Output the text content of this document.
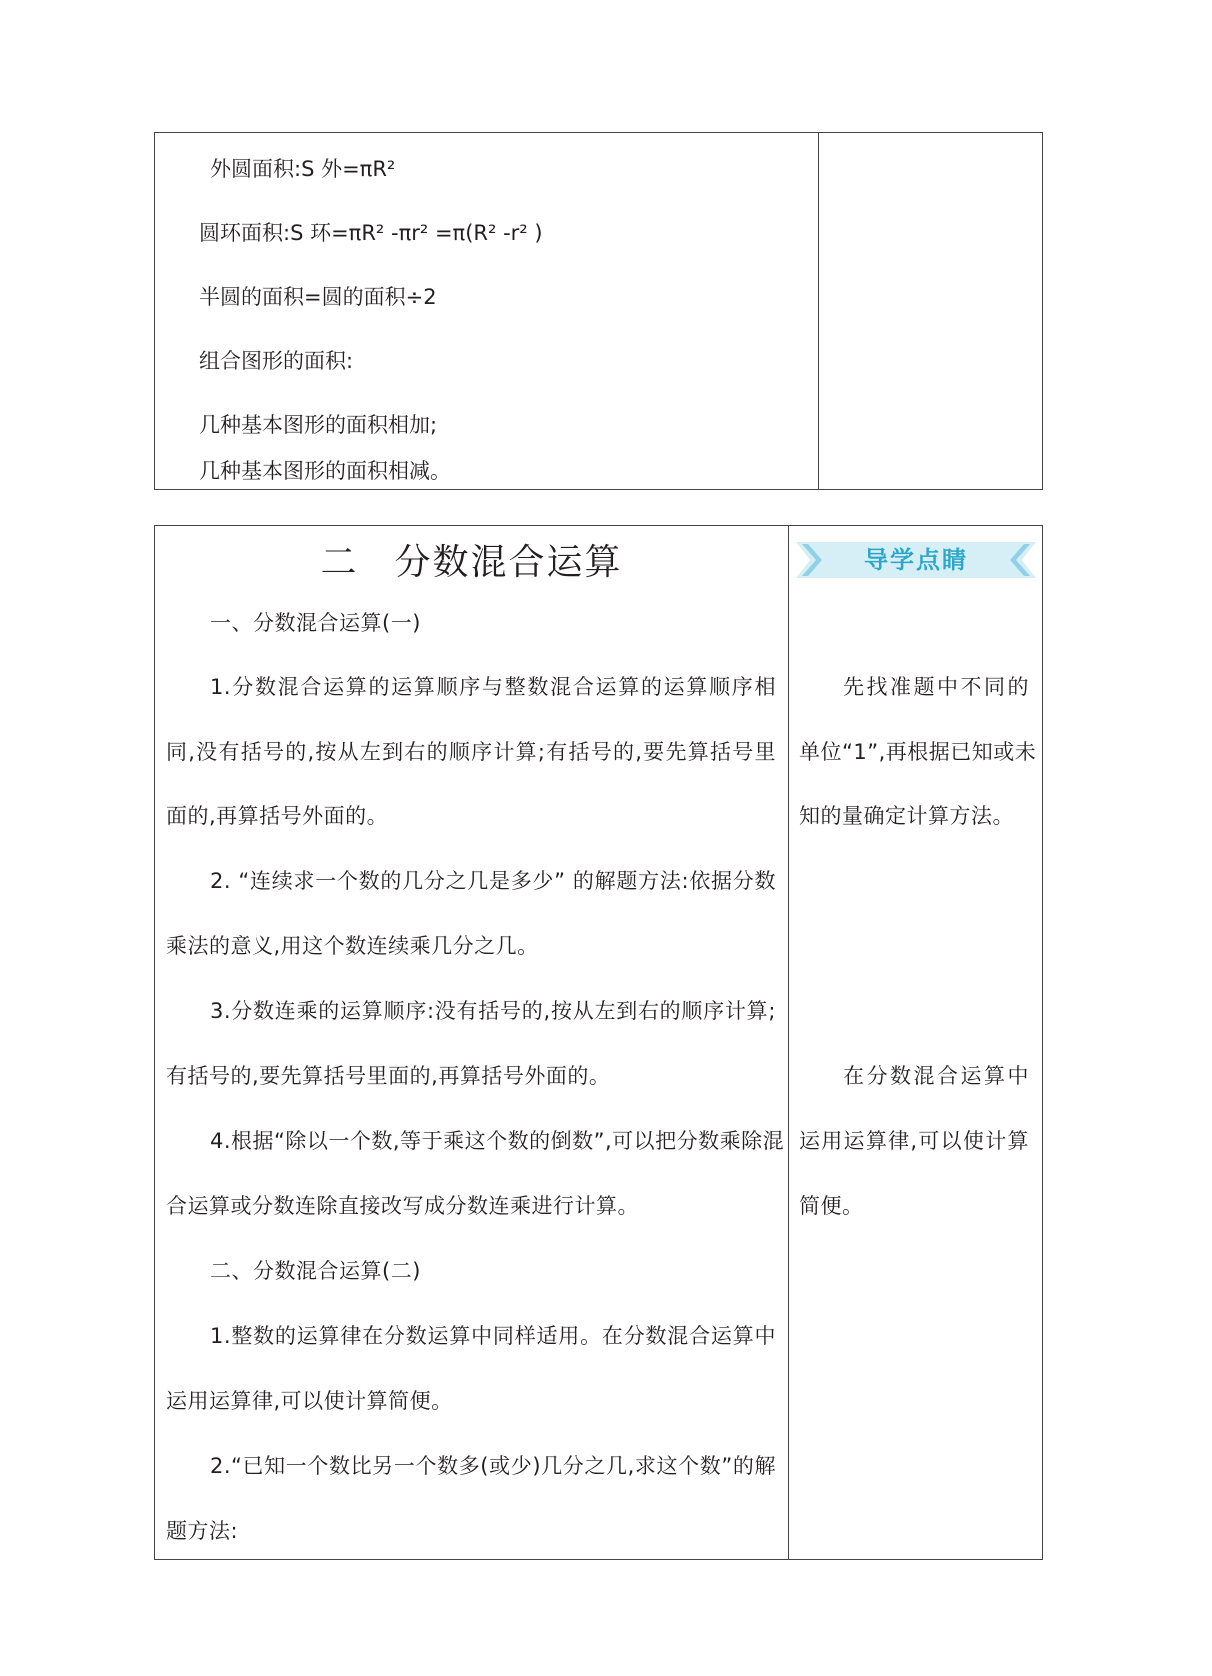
外圆面积:S 外=πR²
圆环面积:S 环=πR² -πr² =π(R² -r² )
半圆的面积=圆的面积÷2
组合图形的面积:
几种基本图形的面积相加;
几种基本图形的面积相减。
二 分数混合运算
一、分数混合运算(一)
1.分数混合运算的运算顺序与整数混合运算的运算顺序相
同,没有括号的,按从左到右的顺序计算;有括号的,要先算括号里
面的,再算括号外面的。
2. “连续求一个数的几分之几是多少” 的解题方法:依据分数
乘法的意义,用这个数连续乘几分之几。
3.分数连乘的运算顺序:没有括号的,按从左到右的顺序计算;
有括号的,要先算括号里面的,再算括号外面的。
4.根据“除以一个数,等于乘这个数的倒数”,可以把分数乘除混
合运算或分数连除直接改写成分数连乘进行计算。
二、分数混合运算(二)
1.整数的运算律在分数运算中同样适用。在分数混合运算中
运用运算律,可以使计算简便。
2.“已知一个数比另一个数多(或少)几分之几,求这个数”的解
题方法:
导学点睛
先找准题中不同的
单位“1”,再根据已知或未
知的量确定计算方法。
在分数混合运算中
运用运算律,可以使计算
简便。
